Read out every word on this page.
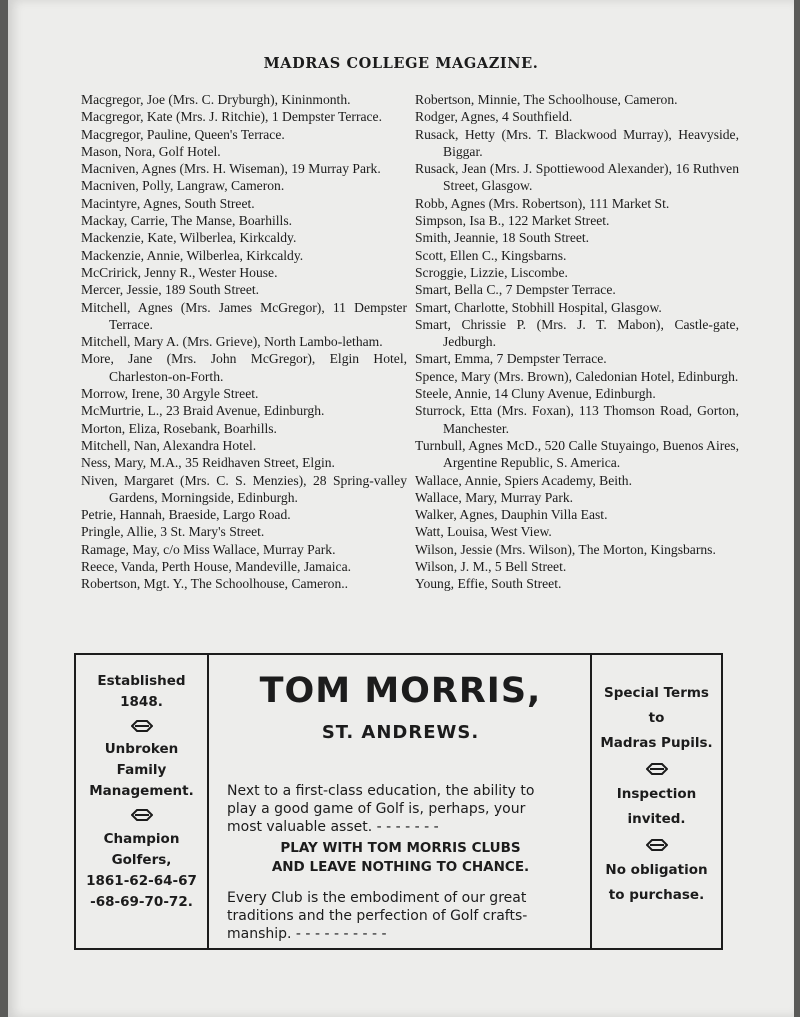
MADRAS COLLEGE MAGAZINE.

Macgregor, Joe (Mrs. C. Dryburgh), Kininmonth.

Macgregor, Kate (Mrs. J. Ritchie), 1 Dempster Terrace.

Macgregor, Pauline, Queen's Terrace.

Mason, Nora, Golf Hotel.

Macniven, Agnes (Mrs. H. Wiseman), 19 Murray Park.

Macniven, Polly, Langraw, Cameron.

Macintyre, Agnes, South Street.

Mackay, Carrie, The Manse, Boarhills.

Mackenzie, Kate, Wilberlea, Kirkcaldy.

Mackenzie, Annie, Wilberlea, Kirkcaldy.

McCririck, Jenny R., Wester House.

Mercer, Jessie, 189 South Street.

Mitchell, Agnes (Mrs. James McGregor), 11 Dempster Terrace.

Mitchell, Mary A. (Mrs. Grieve), North Lambo-letham.

More, Jane (Mrs. John McGregor), Elgin Hotel, Charleston-on-Forth.

Morrow, Irene, 30 Argyle Street.

McMurtrie, L., 23 Braid Avenue, Edinburgh.

Morton, Eliza, Rosebank, Boarhills.

Mitchell, Nan, Alexandra Hotel.

Ness, Mary, M.A., 35 Reidhaven Street, Elgin.

Niven, Margaret (Mrs. C. S. Menzies), 28 Spring-valley Gardens, Morningside, Edinburgh.

Petrie, Hannah, Braeside, Largo Road.

Pringle, Allie, 3 St. Mary's Street.

Ramage, May, c/o Miss Wallace, Murray Park.

Reece, Vanda, Perth House, Mandeville, Jamaica.

Robertson, Mgt. Y., The Schoolhouse, Cameron..

Robertson, Minnie, The Schoolhouse, Cameron.

Rodger, Agnes, 4 Southfield.

Rusack, Hetty (Mrs. T. Blackwood Murray), Heavyside, Biggar.

Rusack, Jean (Mrs. J. Spottiewood Alexander), 16 Ruthven Street, Glasgow.

Robb, Agnes (Mrs. Robertson), 111 Market St.

Simpson, Isa B., 122 Market Street.

Smith, Jeannie, 18 South Street.

Scott, Ellen C., Kingsbarns.

Scroggie, Lizzie, Liscombe.

Smart, Bella C., 7 Dempster Terrace.

Smart, Charlotte, Stobhill Hospital, Glasgow.

Smart, Chrissie P. (Mrs. J. T. Mabon), Castle-gate, Jedburgh.

Smart, Emma, 7 Dempster Terrace.

Spence, Mary (Mrs. Brown), Caledonian Hotel, Edinburgh.

Steele, Annie, 14 Cluny Avenue, Edinburgh.

Sturrock, Etta (Mrs. Foxan), 113 Thomson Road, Gorton, Manchester.

Turnbull, Agnes McD., 520 Calle Stuyaingo, Buenos Aires, Argentine Republic, S. America.

Wallace, Annie, Spiers Academy, Beith.

Wallace, Mary, Murray Park.

Walker, Agnes, Dauphin Villa East.

Watt, Louisa, West View.

Wilson, Jessie (Mrs. Wilson), The Morton, Kingsbarns.

Wilson, J. M., 5 Bell Street.

Young, Effie, South Street.

Established
1848.
Unbroken
Family
Management.
Champion
Golfers,
1861-62-64-67
-68-69-70-72.
TOM MORRIS,
ST. ANDREWS.
Next to a first-class education, the ability to
play a good game of Golf is, perhaps, your
most valuable asset. - - - - - - -
PLAY WITH TOM MORRIS CLUBS
AND LEAVE NOTHING TO CHANCE.
Every Club is the embodiment of our great
traditions and the perfection of Golf crafts-
manship. - - - - - - - - - -
Special Terms
to
Madras Pupils.
Inspection
invited.
No obligation
to purchase.
